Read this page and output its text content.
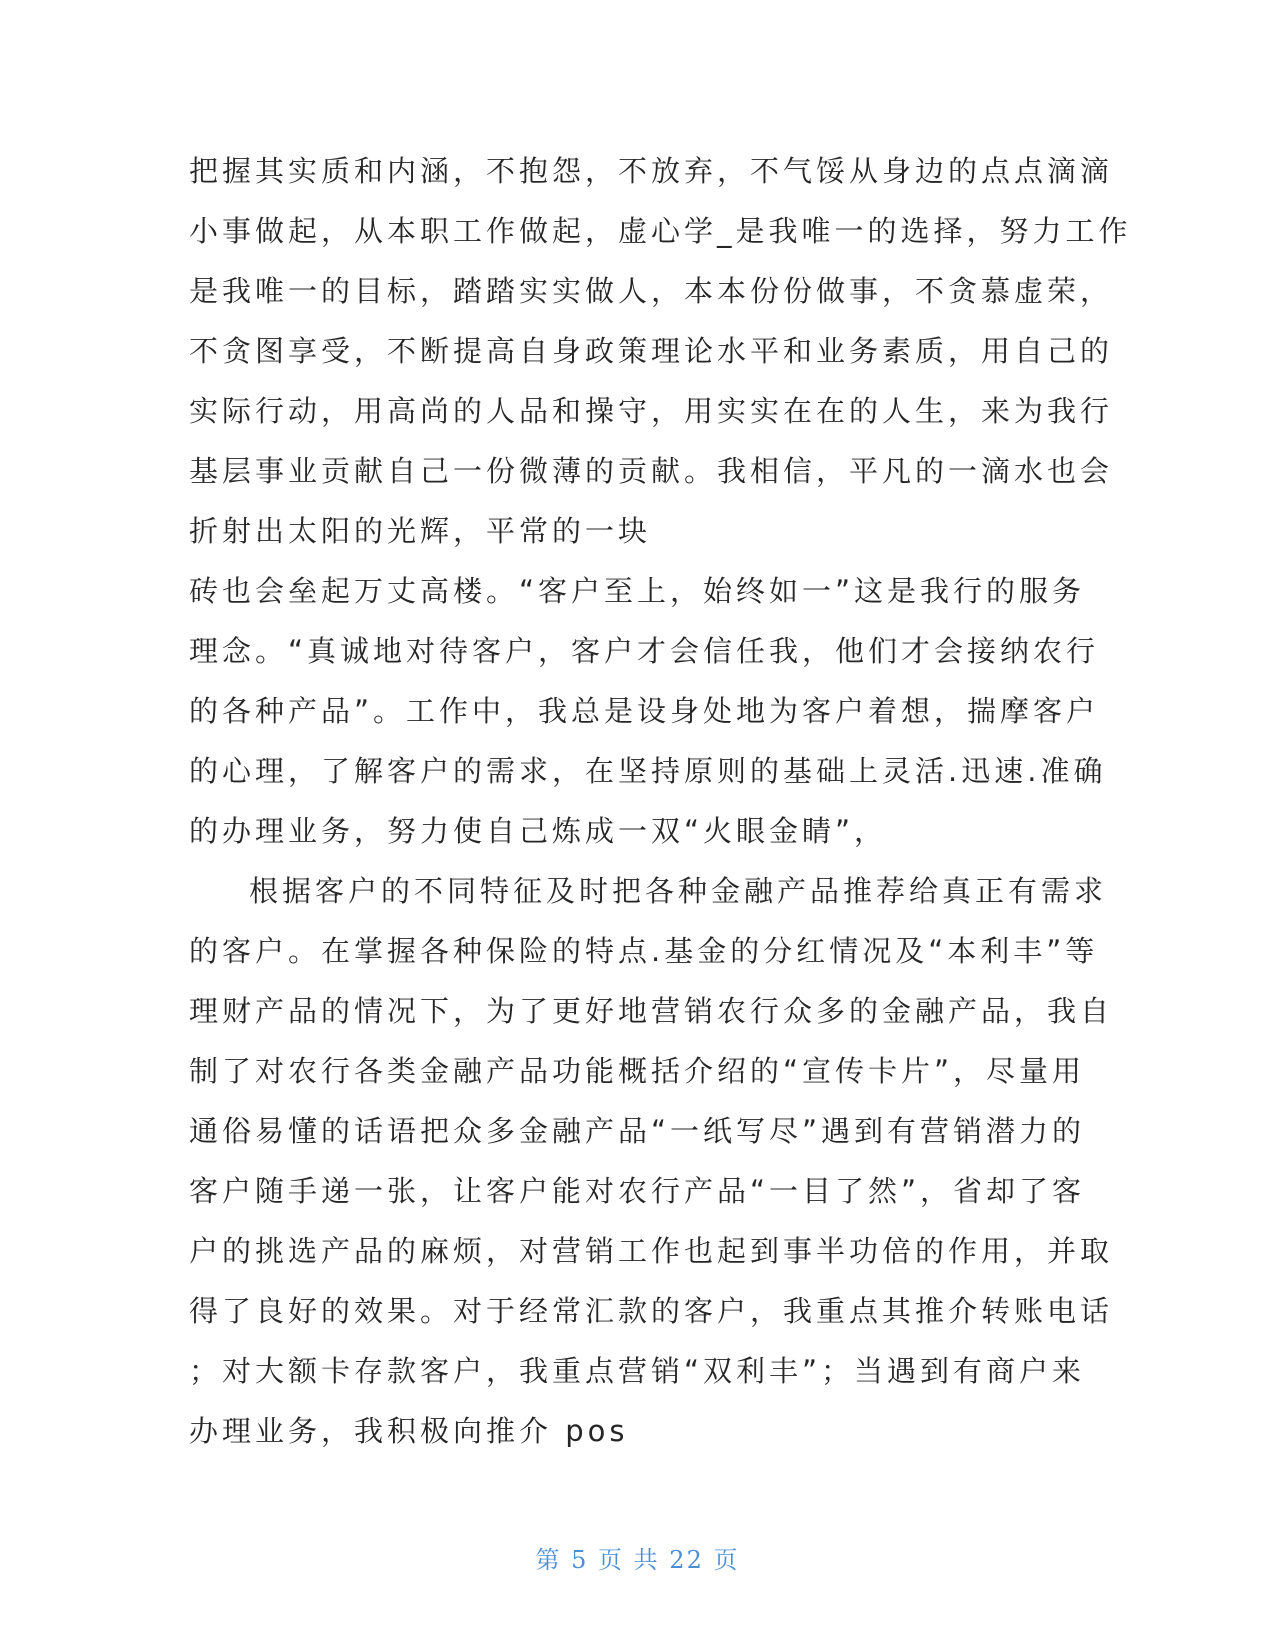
把握其实质和内涵，不抱怨，不放弃，不气馁从身边的点点滴滴
小事做起，从本职工作做起，虚心学_是我唯一的选择，努力工作
是我唯一的目标，踏踏实实做人，本本份份做事，不贪慕虚荣，
不贪图享受，不断提高自身政策理论水平和业务素质，用自己的
实际行动，用高尚的人品和操守，用实实在在的人生，来为我行
基层事业贡献自己一份微薄的贡献。我相信，平凡的一滴水也会
折射出太阳的光辉，平常的一块
砖也会垒起万丈高楼。“客户至上，始终如一”这是我行的服务
理念。“真诚地对待客户，客户才会信任我，他们才会接纳农行
的各种产品”。工作中，我总是设身处地为客户着想，揣摩客户
的心理，了解客户的需求，在坚持原则的基础上灵活.迅速.准确
的办理业务，努力使自己炼成一双“火眼金睛”，
根据客户的不同特征及时把各种金融产品推荐给真正有需求
的客户。在掌握各种保险的特点.基金的分红情况及“本利丰”等
理财产品的情况下，为了更好地营销农行众多的金融产品，我自
制了对农行各类金融产品功能概括介绍的“宣传卡片”，尽量用
通俗易懂的话语把众多金融产品“一纸写尽”遇到有营销潜力的
客户随手递一张，让客户能对农行产品“一目了然”，省却了客
户的挑选产品的麻烦，对营销工作也起到事半功倍的作用，并取
得了良好的效果。对于经常汇款的客户，我重点其推介转账电话
；对大额卡存款客户，我重点营销“双利丰”；当遇到有商户来
办理业务，我积极向推介 pos
第 5 页 共 22 页
